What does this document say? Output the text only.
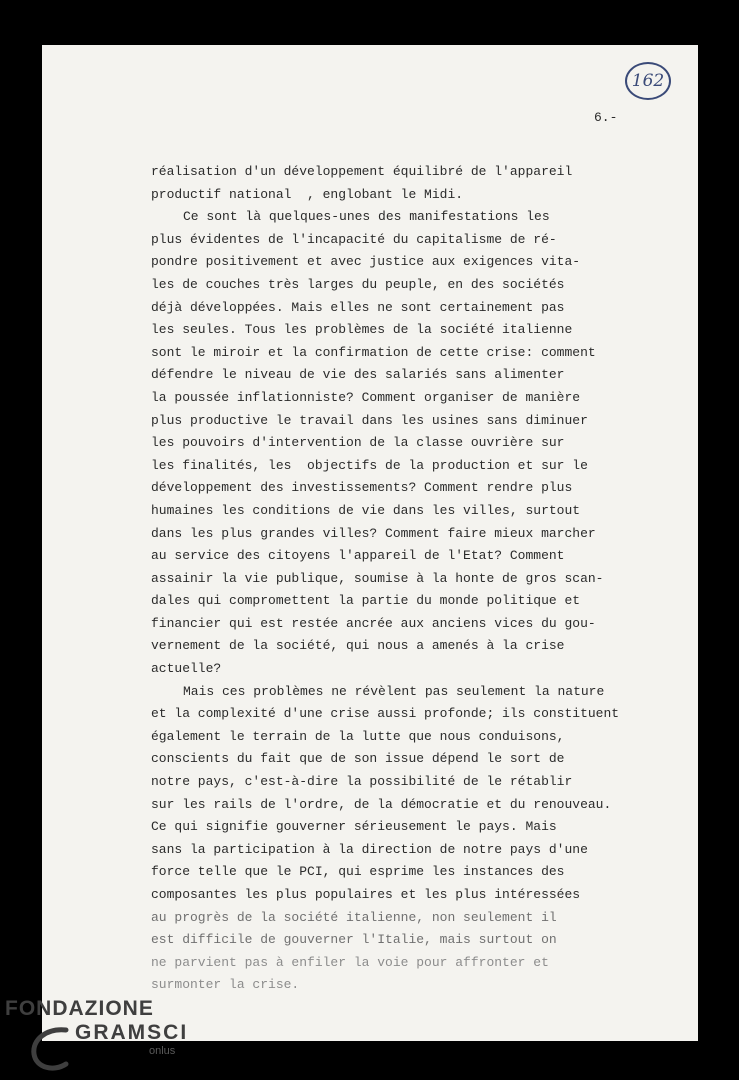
162
6.-

réalisation d'un développement équilibré de l'appareil

productif national  , englobant le Midi.

Ce sont là quelques-unes des manifestations les

plus évidentes de l'incapacité du capitalisme de ré-

pondre positivement et avec justice aux exigences vita-

les de couches très larges du peuple, en des sociétés

déjà développées. Mais elles ne sont certainement pas

les seules. Tous les problèmes de la société italienne

sont le miroir et la confirmation de cette crise: comment

défendre le niveau de vie des salariés sans alimenter

la poussée inflationniste? Comment organiser de manière

plus productive le travail dans les usines sans diminuer

les pouvoirs d'intervention de la classe ouvrière sur

les finalités, les  objectifs de la production et sur le

développement des investissements? Comment rendre plus

humaines les conditions de vie dans les villes, surtout

dans les plus grandes villes? Comment faire mieux marcher

au service des citoyens l'appareil de l'Etat? Comment

assainir la vie publique, soumise à la honte de gros scan-

dales qui compromettent la partie du monde politique et

financier qui est restée ancrée aux anciens vices du gou-

vernement de la société, qui nous a amenés à la crise

actuelle?

Mais ces problèmes ne révèlent pas seulement la nature

et la complexité d'une crise aussi profonde; ils constituent

également le terrain de la lutte que nous conduisons,

conscients du fait que de son issue dépend le sort de

notre pays, c'est-à-dire la possibilité de le rétablir

sur les rails de l'ordre, de la démocratie et du renouveau.

Ce qui signifie gouverner sérieusement le pays. Mais

sans la participation à la direction de notre pays d'une

force telle que le PCI, qui esprime les instances des

composantes les plus populaires et les plus intéressées

au progrès de la société italienne, non seulement il

est difficile de gouverner l'Italie, mais surtout on

ne parvient pas à enfiler la voie pour affronter et

surmonter la crise.

FONDAZIONE
GRAMSCI
onlus
